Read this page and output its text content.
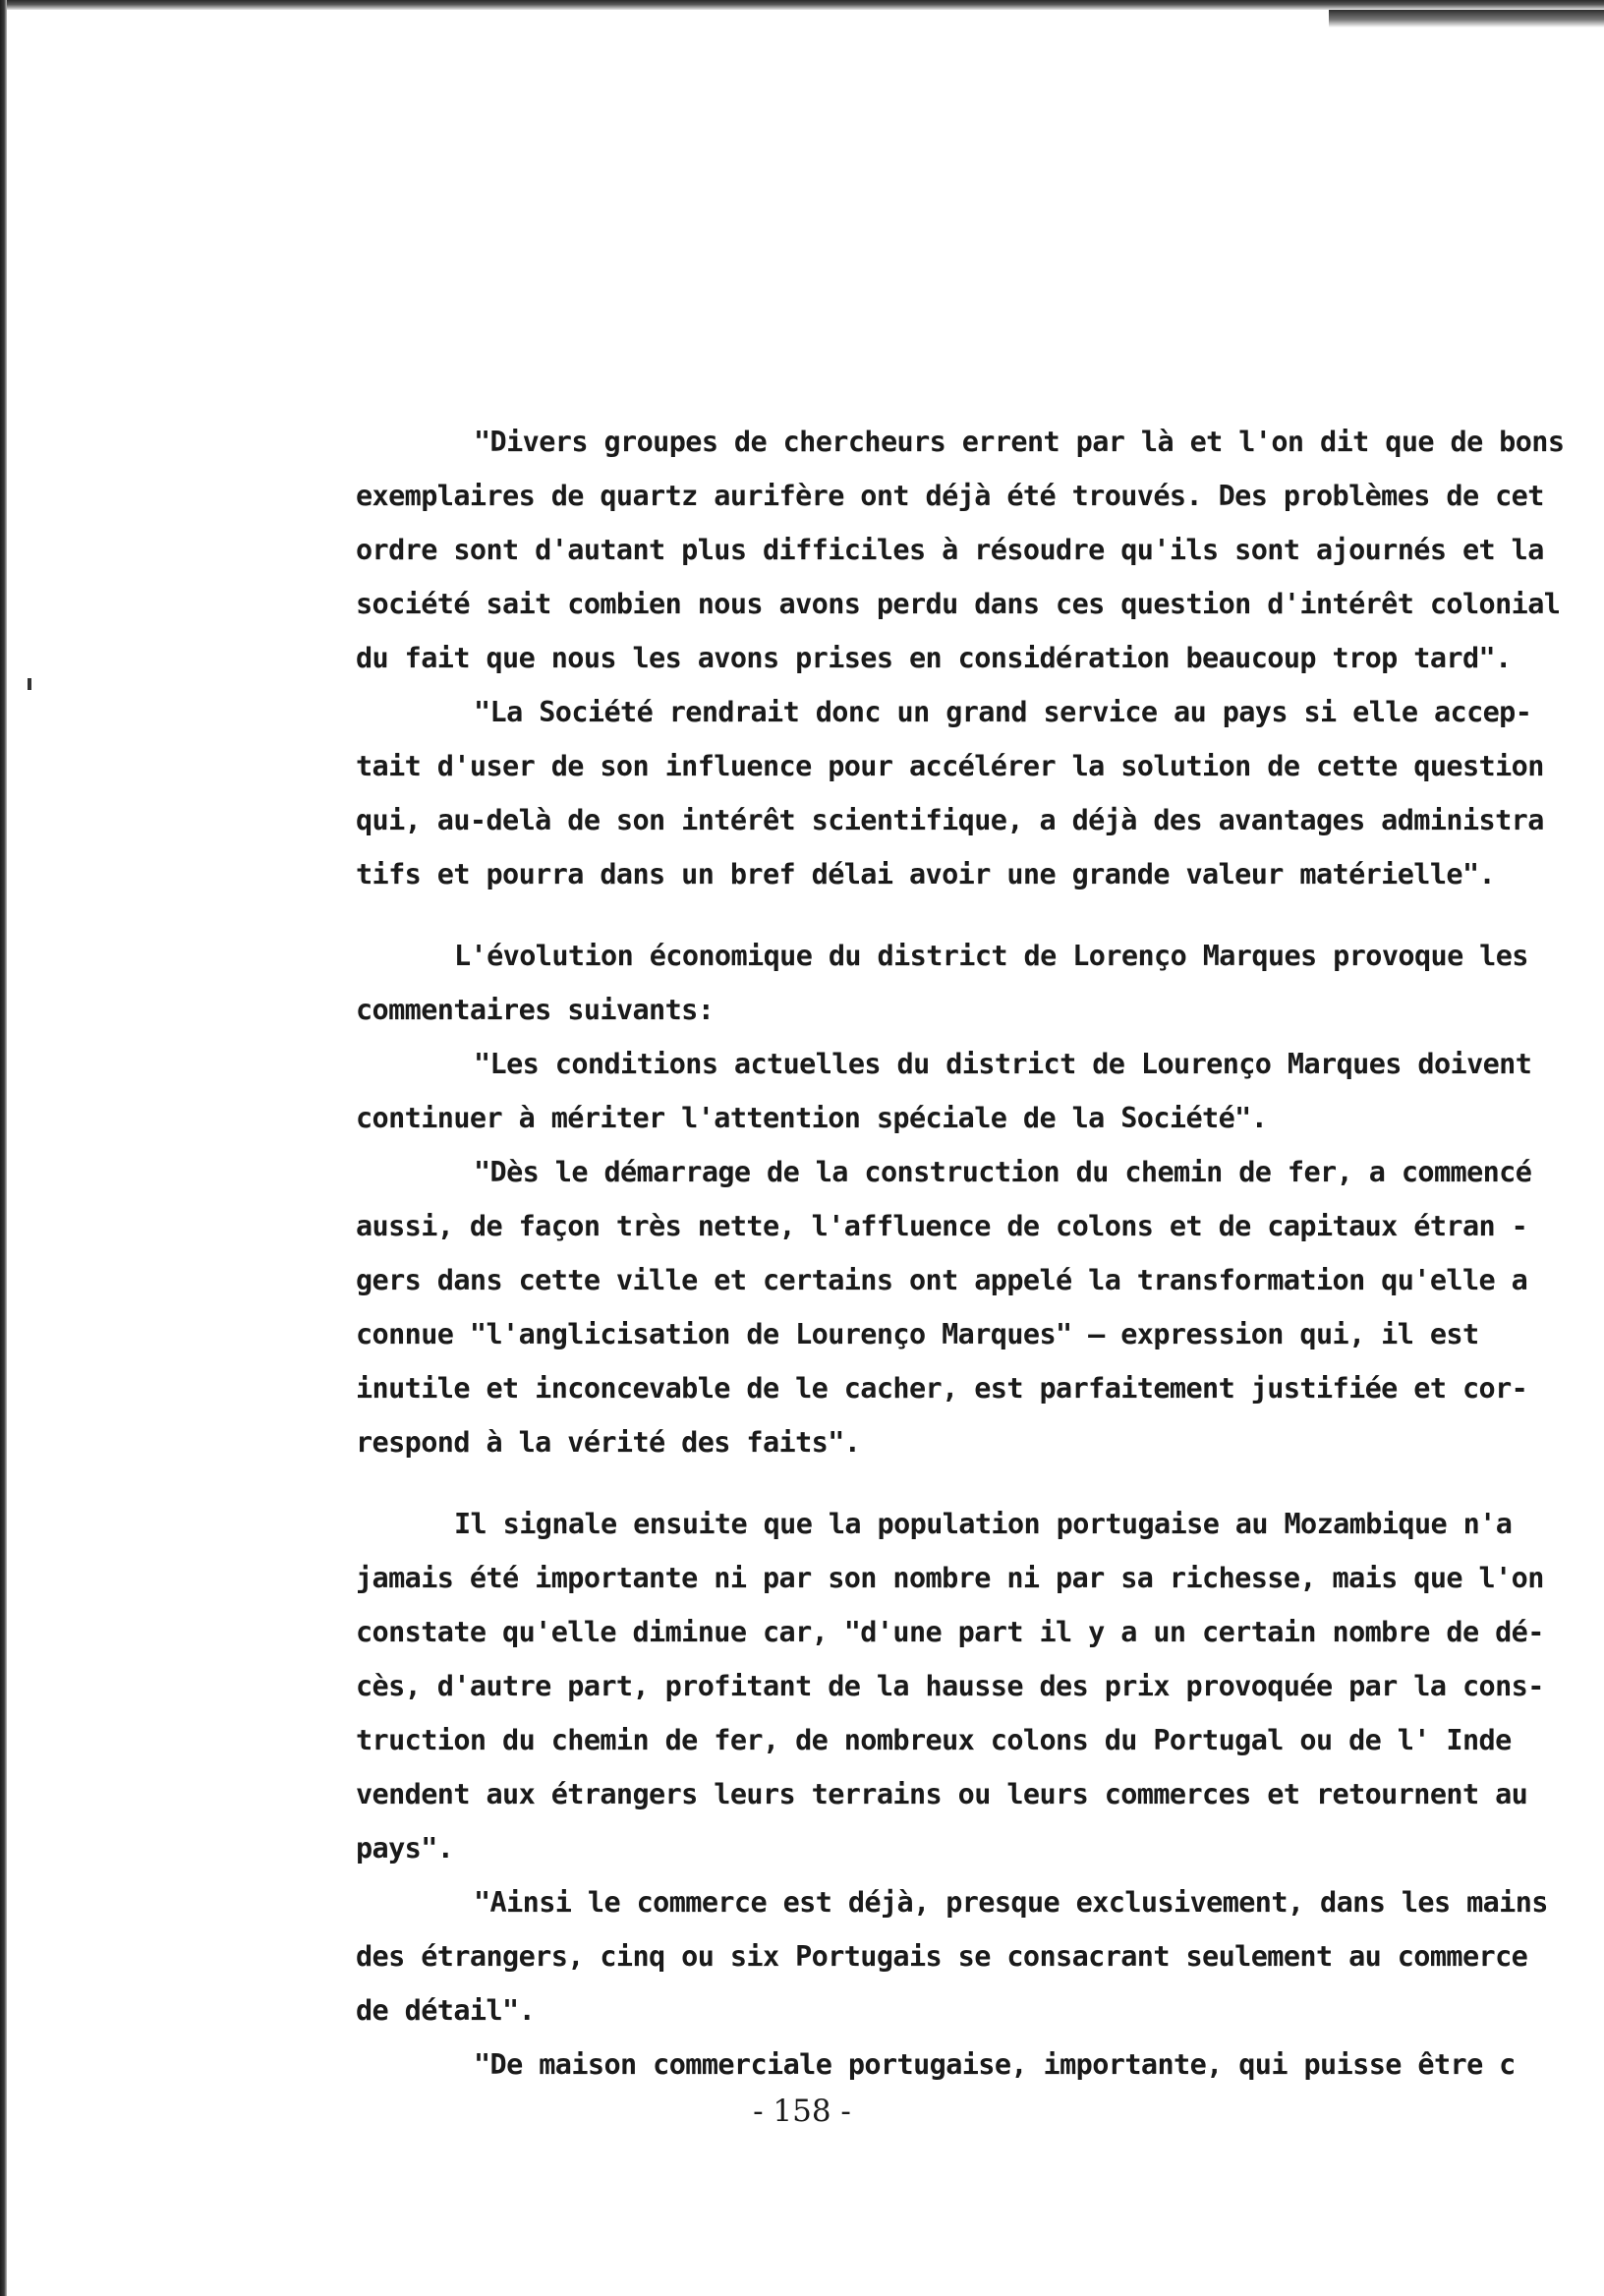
"Divers groupes de chercheurs errent par là et l'on dit que de bons

exemplaires de quartz aurifère ont déjà été trouvés. Des problèmes de cet

ordre sont d'autant plus difficiles à résoudre qu'ils sont ajournés et la

société sait combien nous avons perdu dans ces question d'intérêt colonial

du fait que nous les avons prises en considération beaucoup trop tard".

"La Société rendrait donc un grand service au pays si elle accep-

tait d'user de son influence pour accélérer la solution de cette question

qui, au-delà de son intérêt scientifique, a déjà des avantages administra

tifs et pourra dans un bref délai avoir une grande valeur matérielle".

L'évolution économique du district de Lorenço Marques provoque les

commentaires suivants:

"Les conditions actuelles du district de Lourenço Marques doivent

continuer à mériter l'attention spéciale de la Société".

"Dès le démarrage de la construction du chemin de fer, a commencé

aussi, de façon très nette, l'affluence de colons et de capitaux étran -

gers dans cette ville et certains ont appelé la transformation qu'elle a

connue "l'anglicisation de Lourenço Marques" — expression qui, il est

inutile et inconcevable de le cacher, est parfaitement justifiée et cor-

respond à la vérité des faits".

Il signale ensuite que la population portugaise au Mozambique n'a

jamais été importante ni par son nombre ni par sa richesse, mais que l'on

constate qu'elle diminue car, "d'une part il y a un certain nombre de dé-

cès, d'autre part, profitant de la hausse des prix provoquée par la cons-

truction du chemin de fer, de nombreux colons du Portugal ou de l' Inde

vendent aux étrangers leurs terrains ou leurs commerces et retournent au

pays".

"Ainsi le commerce est déjà, presque exclusivement, dans les mains

des étrangers, cinq ou six Portugais se consacrant seulement au commerce

de détail".

"De maison commerciale portugaise, importante, qui puisse être c

- 158 -
